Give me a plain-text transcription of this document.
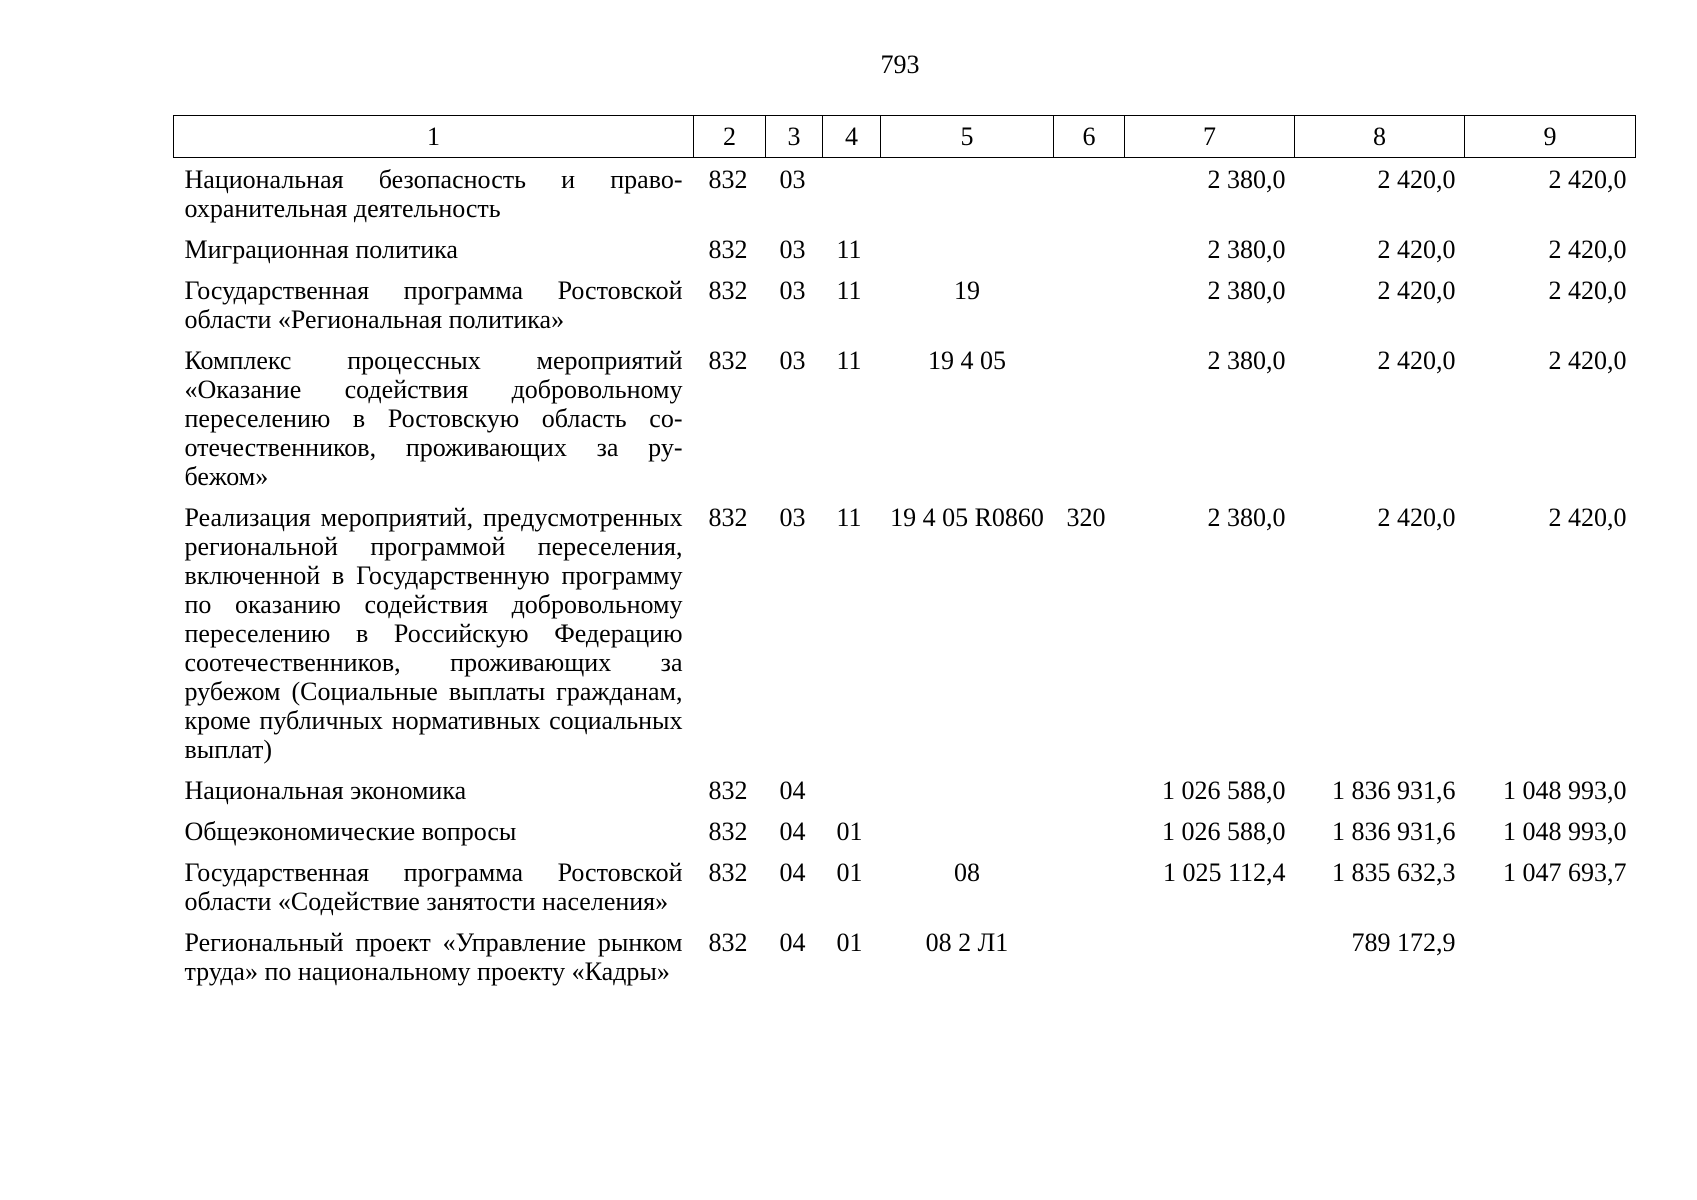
793
1	2	3	4	5	6	7	8	9
Национальная безопасность и правоохранительная деятельность	832	03				2 380,0	2 420,0	2 420,0
Миграционная политика	832	03	11			2 380,0	2 420,0	2 420,0
Государственная программа Ростовской области «Региональная политика»	832	03	11	19		2 380,0	2 420,0	2 420,0
Комплекс процессных мероприятий «Оказание содействия добровольному переселению в Ростовскую область соотечественников, проживающих за рубежом»	832	03	11	19 4 05		2 380,0	2 420,0	2 420,0
Реализация мероприятий, предусмотренных региональной программой переселения, включенной в Государственную программу по оказанию содействия добровольному переселению в Российскую Федерацию соотечественников, проживающих за рубежом (Социальные выплаты гражданам, кроме публичных нормативных социальных выплат)	832	03	11	19 4 05 R0860	320	2 380,0	2 420,0	2 420,0
Национальная экономика	832	04				1 026 588,0	1 836 931,6	1 048 993,0
Общеэкономические вопросы	832	04	01			1 026 588,0	1 836 931,6	1 048 993,0
Государственная программа Ростовской области «Содействие занятости населения»	832	04	01	08		1 025 112,4	1 835 632,3	1 047 693,7
Региональный проект «Управление рынком труда» по национальному проекту «Кадры»	832	04	01	08 2 Л1			789 172,9	
